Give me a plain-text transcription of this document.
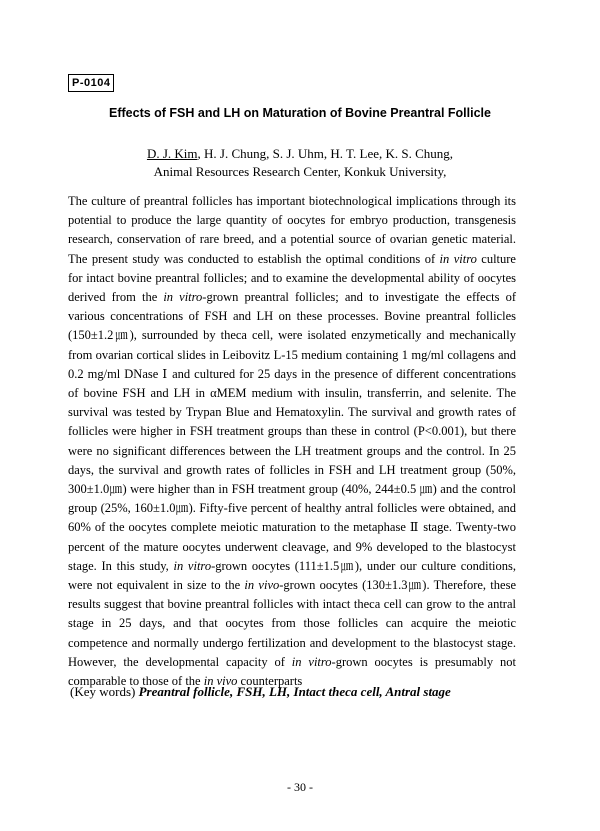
P-0104
Effects of FSH and LH on Maturation of Bovine Preantral Follicle
D. J. Kim, H. J. Chung, S. J. Uhm, H. T. Lee, K. S. Chung,
Animal Resources Research Center, Konkuk University,

The culture of preantral follicles has important biotechnological implications through its potential to produce the large quantity of oocytes for embryo production, transgenesis research, conservation of rare breed, and a potential source of ovarian genetic material. The present study was conducted to establish the optimal conditions of in vitro culture for intact bovine preantral follicles; and to examine the developmental ability of oocytes derived from the in vitro-grown preantral follicles; and to investigate the effects of various concentrations of FSH and LH on these processes. Bovine preantral follicles (150±1.2㎛), surrounded by theca cell, were isolated enzymetically and mechanically from ovarian cortical slides in Leibovitz L-15 medium containing 1 mg/ml collagens and 0.2 mg/ml DNase Ⅰ and cultured for 25 days in the presence of different concentrations of bovine FSH and LH in αMEM medium with insulin, transferrin, and selenite. The survival was tested by Trypan Blue and Hematoxylin. The survival and growth rates of follicles were higher in FSH treatment groups than these in control (P<0.001), but there were no significant differences between the LH treatment groups and the control. In 25 days, the survival and growth rates of follicles in FSH and LH treatment group (50%, 300±1.0㎛) were higher than in FSH treatment group (40%, 244±0.5 ㎛) and the control group (25%, 160±1.0㎛). Fifty-five percent of healthy antral follicles were obtained, and 60% of the oocytes complete meiotic maturation to the metaphase Ⅱ stage. Twenty-two percent of the mature oocytes underwent cleavage, and 9% developed to the blastocyst stage. In this study, in vitro-grown oocytes (111±1.5㎛), under our culture conditions, were not equivalent in size to the in vivo-grown oocytes (130±1.3㎛). Therefore, these results suggest that bovine preantral follicles with intact theca cell can grow to the antral stage in 25 days, and that oocytes from those follicles can acquire the meiotic competence and normally undergo fertilization and development to the blastocyst stage. However, the developmental capacity of in vitro-grown oocytes is presumably not comparable to those of the in vivo counterparts

(Key words) Preantral follicle, FSH, LH, Intact theca cell, Antral stage
- 30 -
